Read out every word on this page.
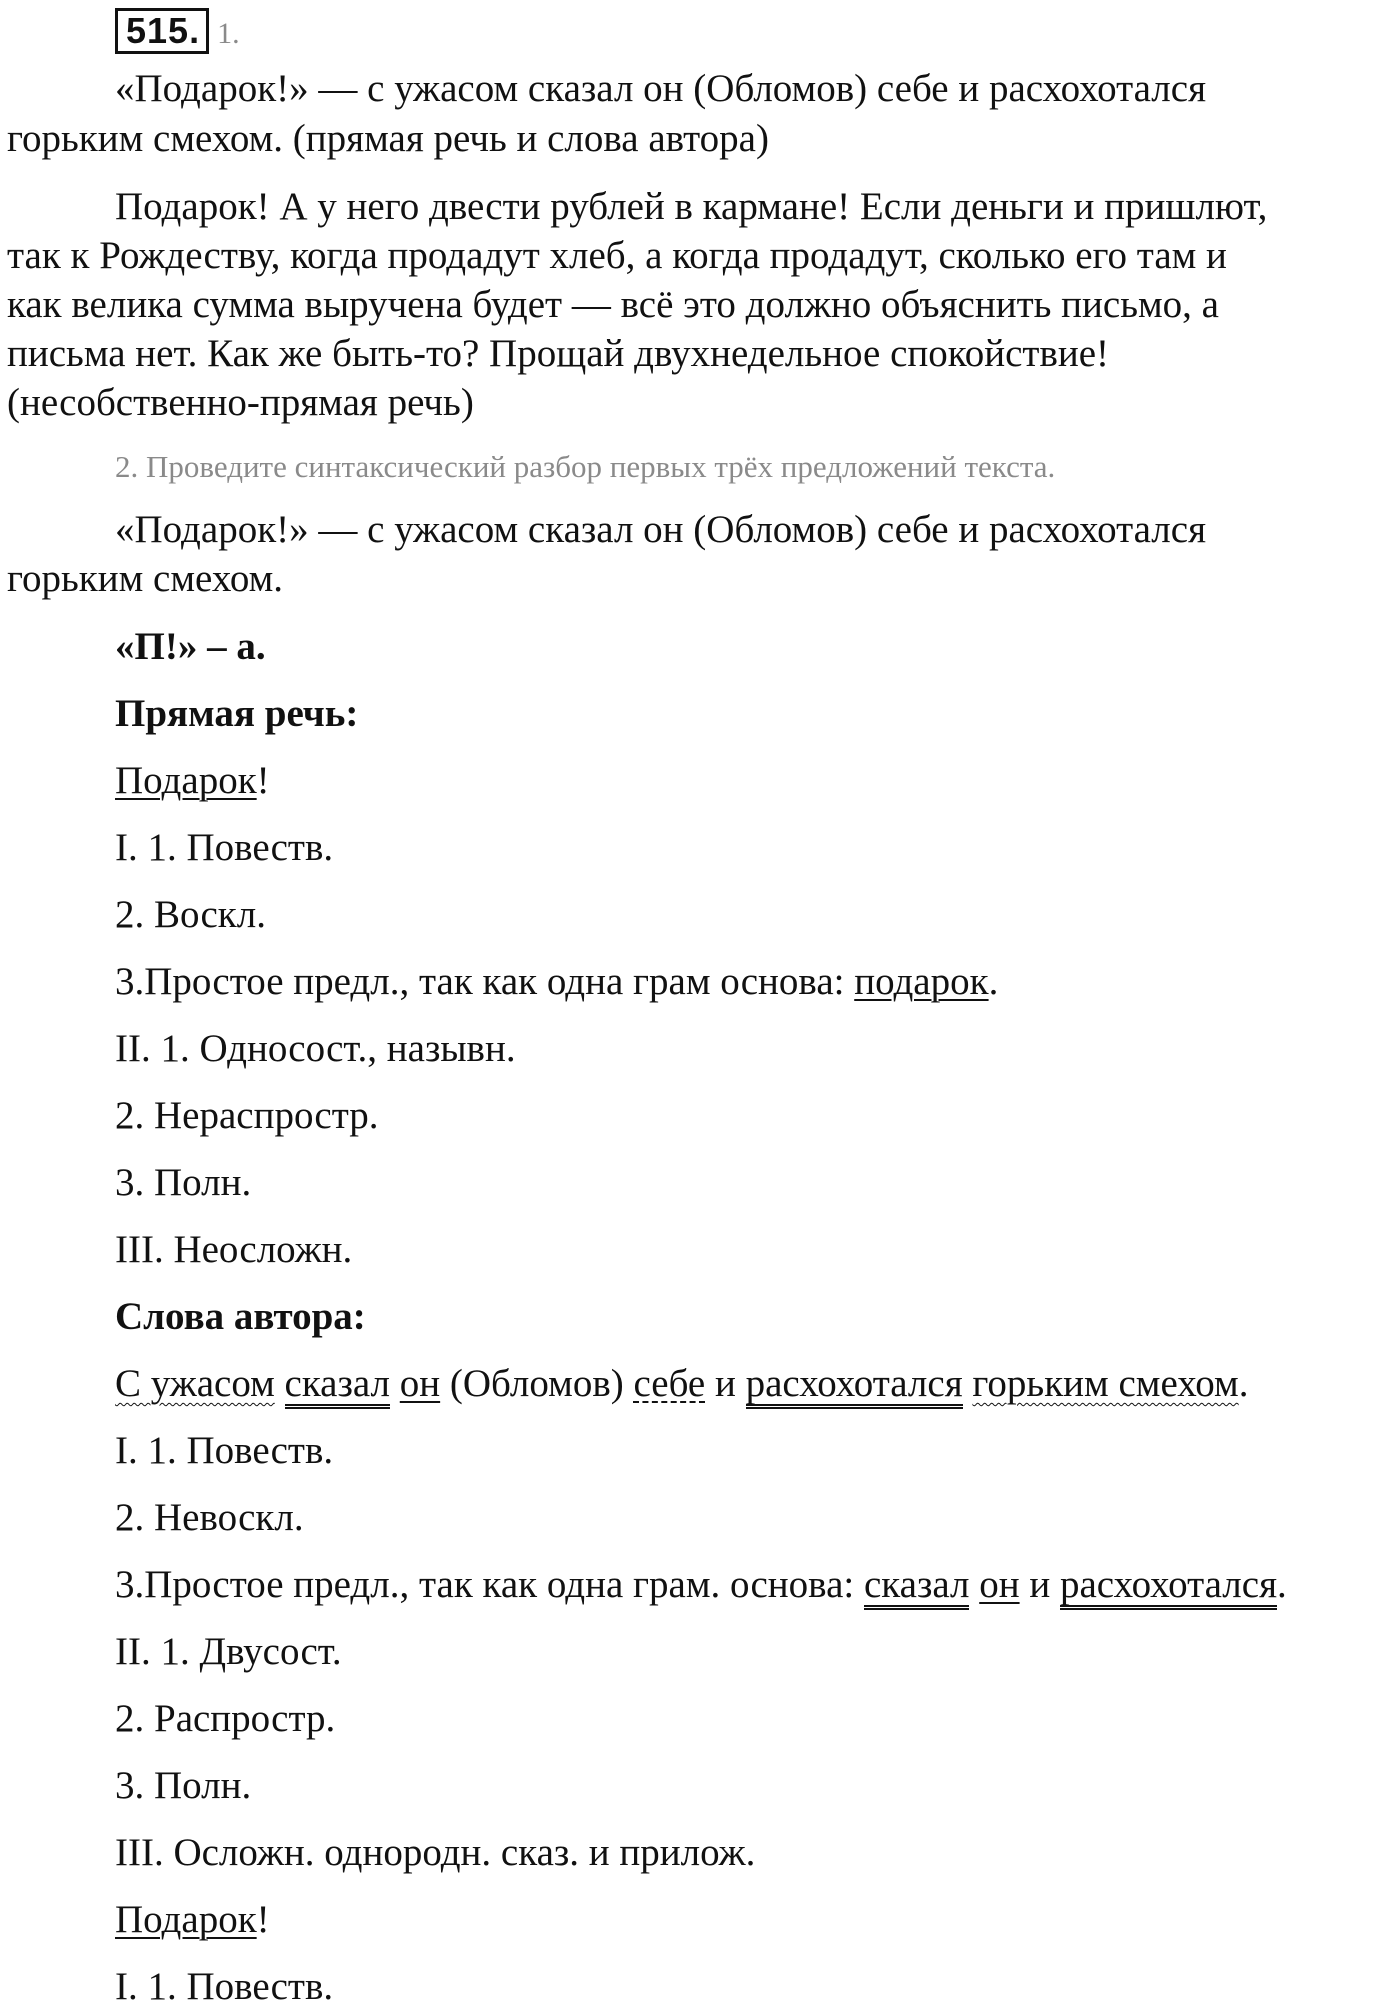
515. 1.
«Подарок!» — с ужасом сказал он (Обломов) себе и расхохотался
горьким смехом. (прямая речь и слова автора)
Подарок! А у него двести рублей в кармане! Если деньги и пришлют,
так к Рождеству, когда продадут хлеб, а когда продадут, сколько его там и
как велика сумма выручена будет — всё это должно объяснить письмо, а
письма нет. Как же быть-то? Прощай двухнедельное спокойствие!
(несобственно-прямая речь)
2. Проведите синтаксический разбор первых трёх предложений текста.
«Подарок!» — с ужасом сказал он (Обломов) себе и расхохотался
горьким смехом.
«П!» – а.
Прямая речь:
Подарок!
I. 1. Повеств.
2. Воскл.
3.Простое предл., так как одна грам основа: подарок.
II. 1. Односост., назывн.
2. Нераспростр.
3. Полн.
III. Неосложн.
Слова автора:
С ужасом сказал он (Обломов) себе и расхохотался горьким смехом.
I. 1. Повеств.
2. Невоскл.
3.Простое предл., так как одна грам. основа: сказал он и расхохотался.
II. 1. Двусост.
2. Распростр.
3. Полн.
III. Осложн. однородн. сказ. и прилож.
Подарок!
I. 1. Повеств.
